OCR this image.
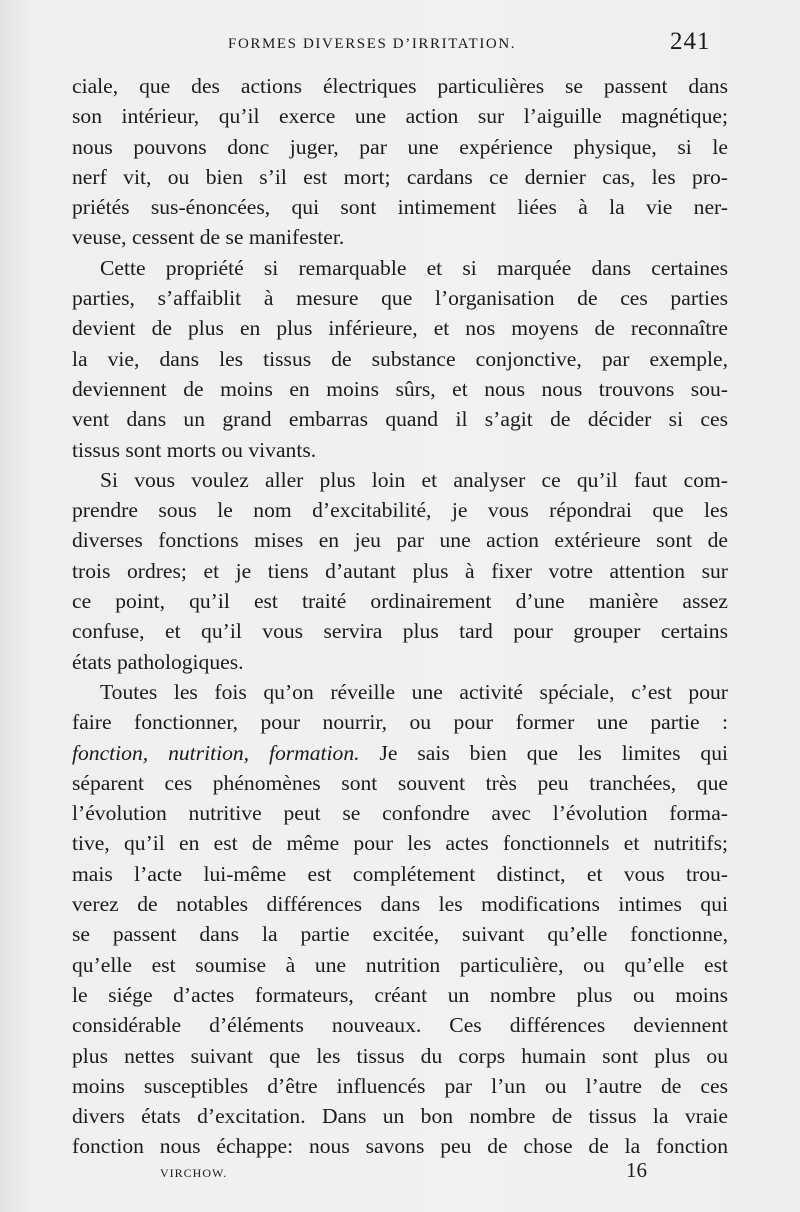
FORMES DIVERSES D’IRRITATION.	241
ciale, que des actions électriques particulières se passent dans
son intérieur, qu’il exerce une action sur l’aiguille magnétique;
nous pouvons donc juger, par une expérience physique, si le
nerf vit, ou bien s’il est mort; cardans ce dernier cas, les pro-
priétés sus-énoncées, qui sont intimement liées à la vie ner-
veuse, cessent de se manifester.
Cette propriété si remarquable et si marquée dans certaines
parties, s’affaiblit à mesure que l’organisation de ces parties
devient de plus en plus inférieure, et nos moyens de reconnaître
la vie, dans les tissus de substance conjonctive, par exemple,
deviennent de moins en moins sûrs, et nous nous trouvons sou-
vent dans un grand embarras quand il s’agit de décider si ces
tissus sont morts ou vivants.
Si vous voulez aller plus loin et analyser ce qu’il faut com-
prendre sous le nom d’excitabilité, je vous répondrai que les
diverses fonctions mises en jeu par une action extérieure sont de
trois ordres; et je tiens d’autant plus à fixer votre attention sur
ce point, qu’il est traité ordinairement d’une manière assez
confuse, et qu’il vous servira plus tard pour grouper certains
états pathologiques.
Toutes les fois qu’on réveille une activité spéciale, c’est pour
faire fonctionner, pour nourrir, ou pour former une partie :
fonction, nutrition, formation. Je sais bien que les limites qui
séparent ces phénomènes sont souvent très peu tranchées, que
l’évolution nutritive peut se confondre avec l’évolution forma-
tive, qu’il en est de même pour les actes fonctionnels et nutritifs;
mais l’acte lui-même est complétement distinct, et vous trou-
verez de notables différences dans les modifications intimes qui
se passent dans la partie excitée, suivant qu’elle fonctionne,
qu’elle est soumise à une nutrition particulière, ou qu’elle est
le siége d’actes formateurs, créant un nombre plus ou moins
considérable d’éléments nouveaux. Ces différences deviennent
plus nettes suivant que les tissus du corps humain sont plus ou
moins susceptibles d’être influencés par l’un ou l’autre de ces
divers états d’excitation. Dans un bon nombre de tissus la vraie
fonction nous échappe: nous savons peu de chose de la fonction
VIRCHOW.	16
